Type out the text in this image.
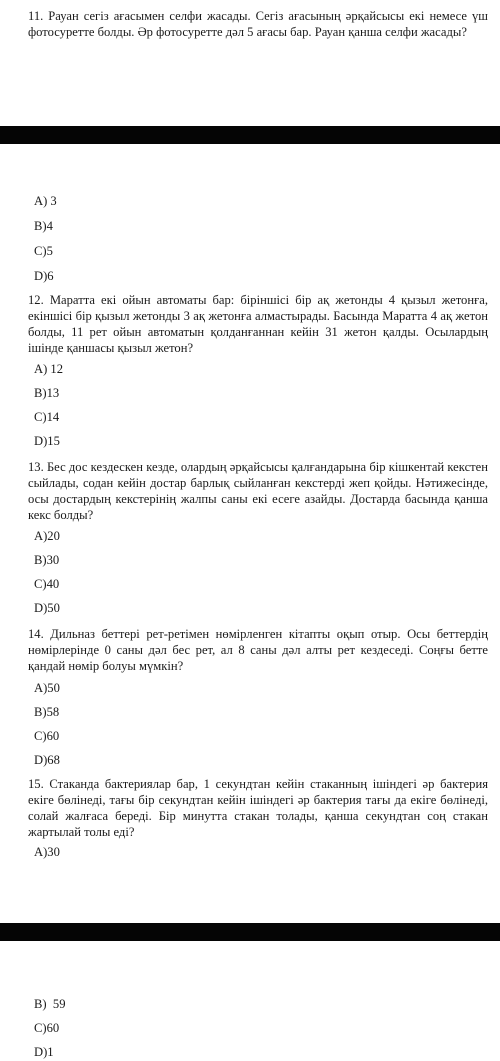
11. Рауан сегіз ағасымен селфи жасады. Сегіз ағасының әрқайсысы екі немесе үш фотосуретте болды. Әр фотосуретте дәл 5 ағасы бар. Рауан қанша селфи жасады?
A) 3
B)4
C)5
D)6
12. Маратта екі ойын автоматы бар: біріншісі бір ақ жетонды 4 қызыл жетонға, екіншісі бір қызыл жетонды 3 ақ жетонға алмастырады. Басында Маратта 4 ақ жетон болды, 11 рет ойын автоматын қолданғаннан кейін 31 жетон қалды. Осылардың ішінде қаншасы қызыл жетон?
A) 12
B)13
C)14
D)15
13. Бес дос кездескен кезде, олардың әрқайсысы қалғандарына бір кішкентай кекстен сыйлады, содан кейін достар барлық сыйланған кекстерді жеп қойды. Нәтижесінде, осы достардың кекстерінің жалпы саны екі есеге азайды. Достарда басында қанша кекс болды?
A)20
B)30
C)40
D)50
14. Дильназ беттері рет-ретімен нөмірленген кітапты оқып отыр. Осы беттердің нөмірлерінде 0 саны дәл бес рет, ал 8 саны дәл алты рет кездеседі. Соңғы бетте қандай нөмір болуы мүмкін?
A)50
B)58
C)60
D)68
15. Стаканда бактериялар бар, 1 секундтан кейін стаканның ішіндегі әр бактерия екіге бөлінеді, тағы бір секундтан кейін ішіндегі әр бактерия тағы да екіге бөлінеді, солай жалғаса береді. Бір минутта стакан толады, қанша секундтан соң стакан жартылай толы еді?
A)30
B)  59
C)60
D)1
